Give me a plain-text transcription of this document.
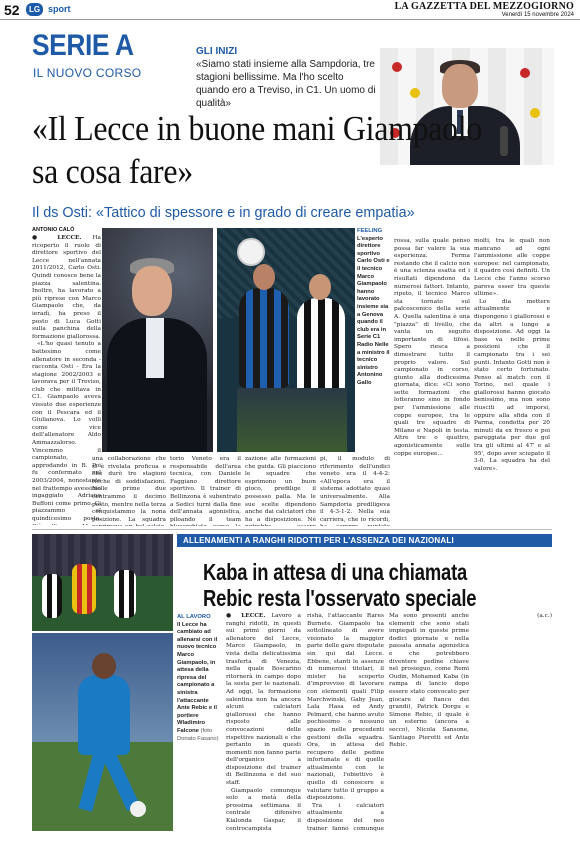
52	LG sport	LA GAZZETTA DEL MEZZOGIORNO
Venerdì 15 novembre 2024
SERIE A
IL NUOVO CORSO
GLI INIZI
«Siamo stati insieme alla Sampdoria, tre stagioni bellissime. Ma l'ho scelto quando ero a Treviso, in C1. Un uomo di qualità»
«Il Lecce in buone mani Giampaolo sa cosa fare»
Il ds Osti: «Tattico di spessore e in grado di creare empatia»
ANTONIO CALÒ

● LECCE. Ha ricoperto il ruolo di direttore sportivo del Lecce nell'annata 2011/2012, Carlo Osti. Quindi conosce bene la piazza salentina. Inoltre, ha lavorato a più riprese con Marco Giampaolo che, da ieradì, ha preso il posto di Luca Gotti sulla panchina della formazione giallorossa.

«L'ho quasi tenuto a battesimo come allenatore in seconda - racconta Osti - Era la stagione 2002/2003 e lavorava per il Treviso, club che militava in C1. Giampaolo aveva vissuto due esperienze con il Pescara ed il Giulianova. Lo volli come vice dell'allenatore Aldo Ammazzalorso. Vincemmo il campionato, approdando in B. Poi fu confermato nel 2003/2004, nonostante nel frattempo avessimo ingaggiato Adriano Buffoni come primo. Ci piazzammo al quindicesimo posto.

FEELING
L'esperto direttore sportivo Carlo Osti e il tecnico Marco Giampaolo hanno lavorato insieme sia a Genova quando il club era in Serie C1 Radio Nelle a ministro il tecnico sinistro Antonino Gallo

una collaborazione che si è rivelata proficua e che durò tre stagioni ricche di soddisfazioni. Nelle prime due centrammo il decimo posto, mentre nella terza conquistammo la nona posizione. La squadra

torio Veneto era il responsabile dell'area tecnica, con Daniele Faggiano direttore sportivo. Il trainer di Bellinzona è subentrato a Sedici turni dalla fine dell'annata agonistica, piloando il team

zazione alle formazioni che guida. Gli piacciono le squadre che esprimono un buon gioco, predilige il possesso palla. Ma le sue scelte dipendono anche dai calciatori che ha a disposizione. Né

pi, il modulo di riferimento dell'undici veneto era il 4-4-2: «All'epoca era il sistema adottato quasi universalmente. Alla Sampdoria prediligeva il 4-3-1-2. Nella sua carriera, che io ricordi,

rossa, sulla quale penso possa far valere la sua esperienza. Ferma restando che il calcio non è una scienza esatta ed i risultati dipendono da numerosi fattori. Intanto, ripeto, il tecnico Marco sta tornato sul palcoscenico della serie A. Quella salentina è una "piazza" di livello, che vanta un seguito importante di tifosi. Spero riesca a dimostrare tutto il proprio valore. Sul campionato in corso, giunto alla dodicesima giornata, dice: «Ci sono sette formazioni che lotteranno sino in fondo per l'ammissione alle coppe europee, tra le quali tre squadre di Milano e Napoli in testa. Altre tre o quattro, agonisticamente sulle coppe europee...

molti, tra le quali non mancano ad ogni l'ammissione alle coppe europee: nel campionato, il quadro così definiti. Un Lecce che l'anno scorso pareva esser tra queste ultime».

Lo dia mettere attualmente e dispongono i giallorossi e da altri a lungo a disposizione. Ad oggi la base va nelle prime posizioni che il campionato tra i sei punti. Intanto Gotti non è stato certo fortunato. Penso al match con il Torino, nel quale i giallorossi hanno giocato benissimo, ma non sono riusciti ad imporsi, oppure alla sfida con il Parma, condotta per 20 minuti da ex fresco e poi pareggiata per due gol tra gli ultimi al 47' e al 95', dopo aver sciupato il 3-0. La squadra ha del valore».

ALLENAMENTI A RANGHI RIDOTTI PER L'ASSENZA DEI NAZIONALI
Kaba in attesa di una chiamata Rebic resta l'osservato speciale
AL LAVORO
Il Lecce ha cambiato ad allenarsi con il nuovo tecnico Marco Giampaolo, in attesa della ripresa del campionato a sinistra l'attaccante Ante Rebic e il portiere Wladimiro Falcone (foto Donato Fasano)

● LECCE. Lavoro a ranghi ridotti, in questi sui primi giorni da allenatore del Lecce, Marco Giampaolo, in vista della delicatissima trasferta di Venezia, nella quale Boscarino ritornerà in campo dopo la sosta per le nazionali. Ad oggi, la formazione salentina non ha ancora alcuni calciatori giallorossi che hanno risposto alle convocazioni delle rispettive nazionali e che pertanto in questi momenti non fanno parte dell'organico a disposizione del trainer di Bellinzona e del suo staff.

Giampaolo comunque solo a metà della prossima settimana il centrale difensivo Kialonda Gaspar, il centrocampista

risha, l'attaccante Rares Burnete. Giampaolo ha sottolineato di avere visionato la maggior parte delle gare disputate sin qui dal Lecce. Ebbene, stanti le assenze di numerosi titolari, il mister ha scoperto d'improvviso di lavorare con elementi quali Filip Marchwinski, Gaby Jean, Lala Hasa ed Andy Pelmard, che hanno avuto pochissimo o nessuno spazio nelle precedenti gestioni della squadra. Ora, in attesa del recupero delle pedine infortunate e di quelle attualmente con le nazionali, l'obiettivo è quello di conoscere e valutare tutto il gruppo a disposizione.

Tra i calciatori attualmente a disposizione del neo trainer fanno comunque

Ma sono presenti anche elementi che sono stati impiegati in queste prime dodici giornate e nella passata annata agonistica e che potrebbero diventere pedine chiave nel prosieguo, come Remi Oudin, Mohamed Kaba (in rampa di lancio dopo essere stato convocato per giocare al fianco dei grandi), Patrick Dorgu e Simone Rebic, il quale è un esterno (ancora a secco), Nicola Sansone, Santiago Pierotti ed Ante Rebic.

(a.c.)
